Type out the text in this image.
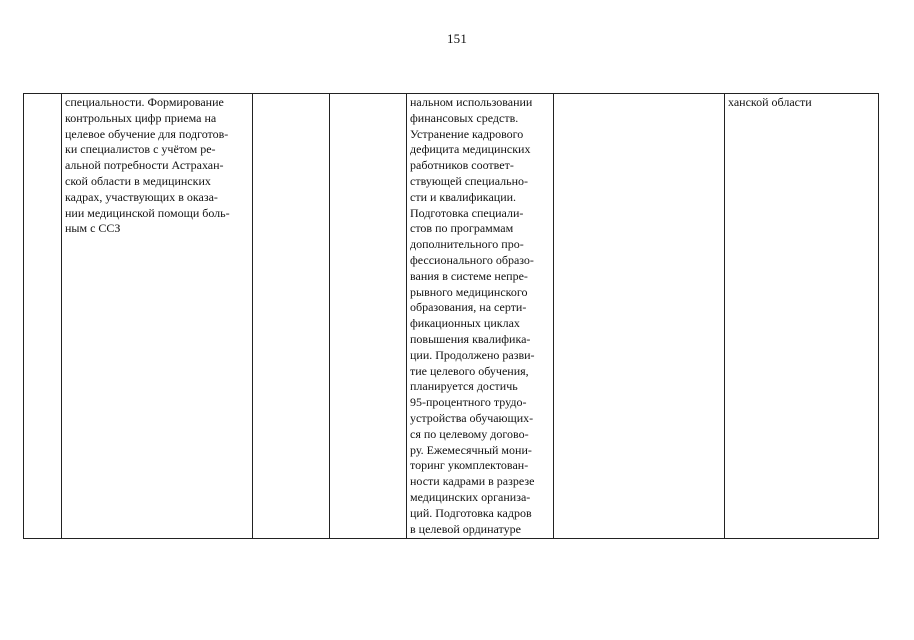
151
	специальности. Формирование
контрольных цифр приема на
целевое обучение для подготов-
ки специалистов с учётом ре-
альной потребности Астрахан-
ской области в медицинских
кадрах, участвующих в оказа-
нии медицинской помощи боль-
ным с ССЗ			нальном использовании
финансовых средств.
Устранение кадрового
дефицита медицинских
работников соответ-
ствующей специально-
сти и квалификации.
Подготовка специали-
стов по программам
дополнительного про-
фессионального образо-
вания в системе непре-
рывного медицинского
образования, на серти-
фикационных циклах
повышения квалифика-
ции. Продолжено разви-
тие целевого обучения,
планируется достичь
95-процентного трудо-
устройства обучающих-
ся по целевому догово-
ру. Ежемесячный мони-
торинг укомплектован-
ности кадрами в разрезе
медицинских организа-
ций. Подготовка кадров
в целевой ординатуре		ханской области
